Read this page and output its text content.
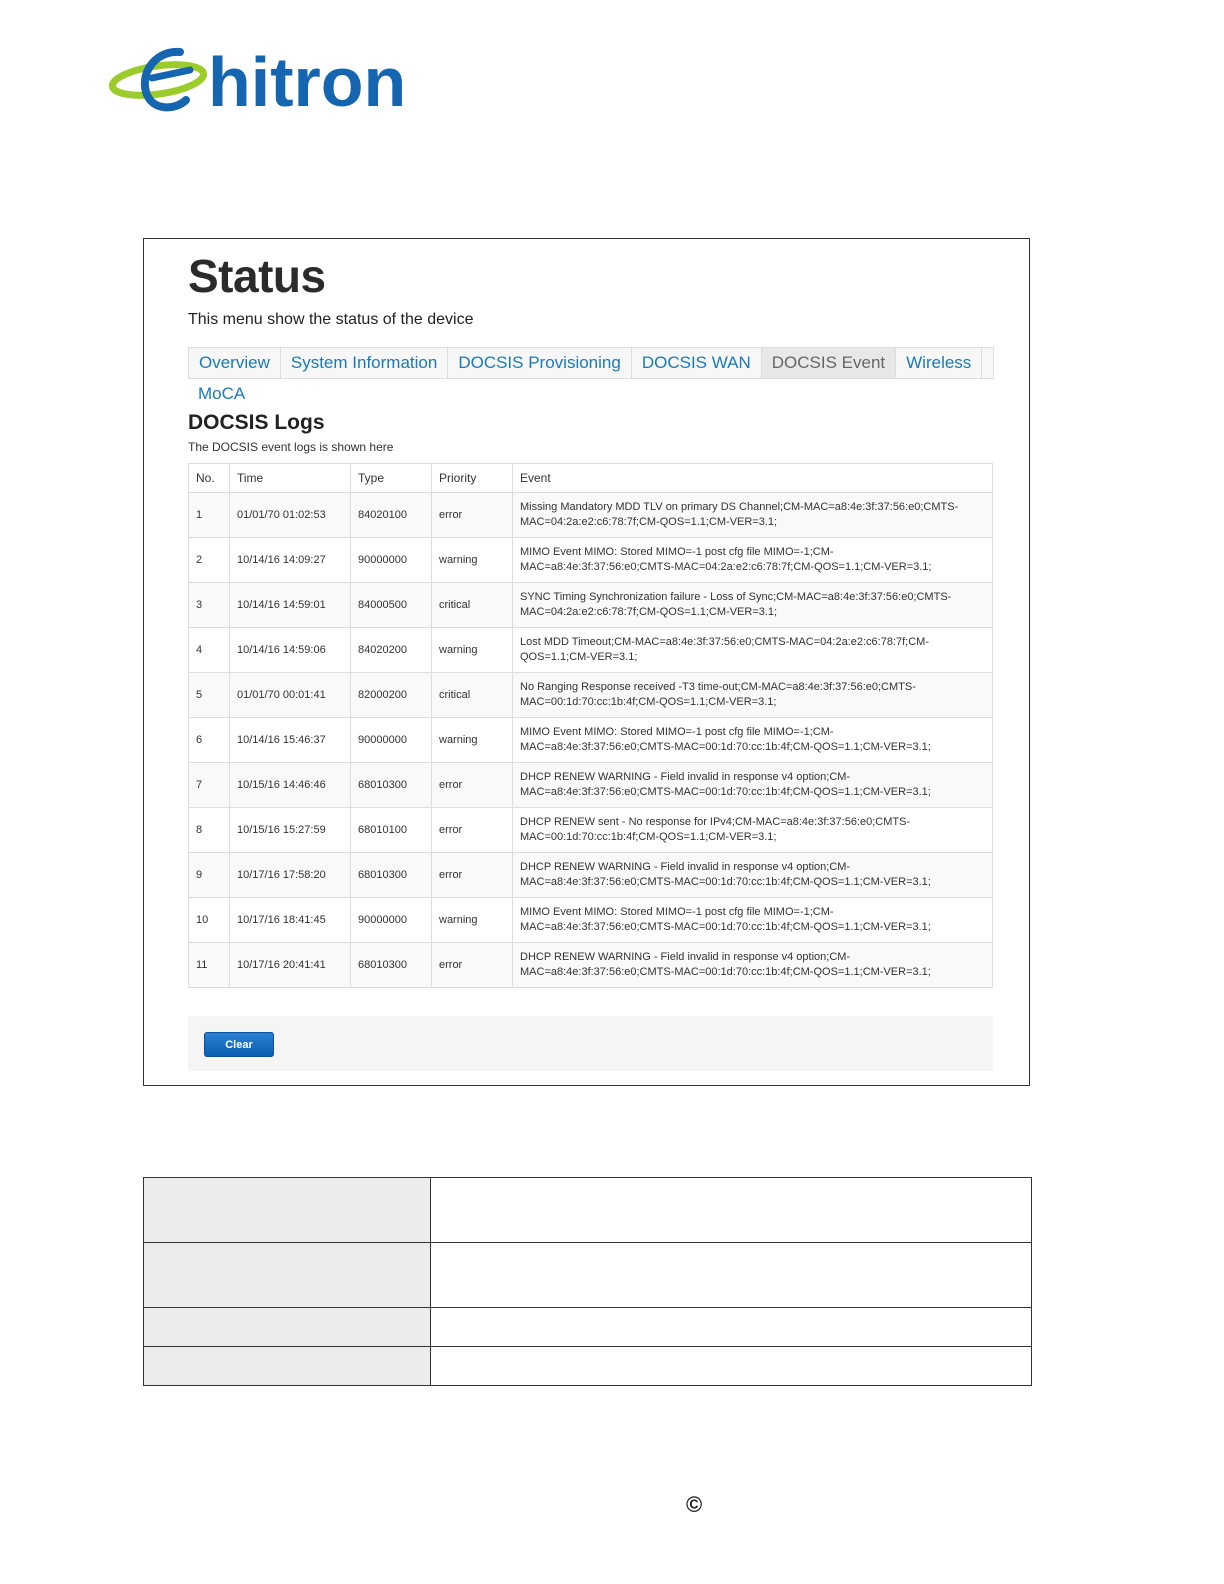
hitron
Status
This menu show the status of the device
Overview	System Information	DOCSIS Provisioning	DOCSIS WAN	DOCSIS Event	Wireless
MoCA
DOCSIS Logs
The DOCSIS event logs is shown here
No.	Time	Type	Priority	Event
1	01/01/70 01:02:53	84020100	error	Missing Mandatory MDD TLV on primary DS Channel;CM-MAC=a8:4e:3f:37:56:e0;CMTS-
MAC=04:2a:e2:c6:78:7f;CM-QOS=1.1;CM-VER=3.1;

2	10/14/16 14:09:27	90000000	warning	MIMO Event MIMO: Stored MIMO=-1 post cfg file MIMO=-1;CM-
MAC=a8:4e:3f:37:56:e0;CMTS-MAC=04:2a:e2:c6:78:7f;CM-QOS=1.1;CM-VER=3.1;

3	10/14/16 14:59:01	84000500	critical	SYNC Timing Synchronization failure - Loss of Sync;CM-MAC=a8:4e:3f:37:56:e0;CMTS-
MAC=04:2a:e2:c6:78:7f;CM-QOS=1.1;CM-VER=3.1;

4	10/14/16 14:59:06	84020200	warning	Lost MDD Timeout;CM-MAC=a8:4e:3f:37:56:e0;CMTS-MAC=04:2a:e2:c6:78:7f;CM-
QOS=1.1;CM-VER=3.1;

5	01/01/70 00:01:41	82000200	critical	No Ranging Response received -T3 time-out;CM-MAC=a8:4e:3f:37:56:e0;CMTS-
MAC=00:1d:70:cc:1b:4f;CM-QOS=1.1;CM-VER=3.1;

6	10/14/16 15:46:37	90000000	warning	MIMO Event MIMO: Stored MIMO=-1 post cfg file MIMO=-1;CM-
MAC=a8:4e:3f:37:56:e0;CMTS-MAC=00:1d:70:cc:1b:4f;CM-QOS=1.1;CM-VER=3.1;

7	10/15/16 14:46:46	68010300	error	DHCP RENEW WARNING - Field invalid in response v4 option;CM-
MAC=a8:4e:3f:37:56:e0;CMTS-MAC=00:1d:70:cc:1b:4f;CM-QOS=1.1;CM-VER=3.1;

8	10/15/16 15:27:59	68010100	error	DHCP RENEW sent - No response for IPv4;CM-MAC=a8:4e:3f:37:56:e0;CMTS-
MAC=00:1d:70:cc:1b:4f;CM-QOS=1.1;CM-VER=3.1;

9	10/17/16 17:58:20	68010300	error	DHCP RENEW WARNING - Field invalid in response v4 option;CM-
MAC=a8:4e:3f:37:56:e0;CMTS-MAC=00:1d:70:cc:1b:4f;CM-QOS=1.1;CM-VER=3.1;

10	10/17/16 18:41:45	90000000	warning	MIMO Event MIMO: Stored MIMO=-1 post cfg file MIMO=-1;CM-
MAC=a8:4e:3f:37:56:e0;CMTS-MAC=00:1d:70:cc:1b:4f;CM-QOS=1.1;CM-VER=3.1;

11	10/17/16 20:41:41	68010300	error	DHCP RENEW WARNING - Field invalid in response v4 option;CM-
MAC=a8:4e:3f:37:56:e0;CMTS-MAC=00:1d:70:cc:1b:4f;CM-QOS=1.1;CM-VER=3.1;
Clear

©
